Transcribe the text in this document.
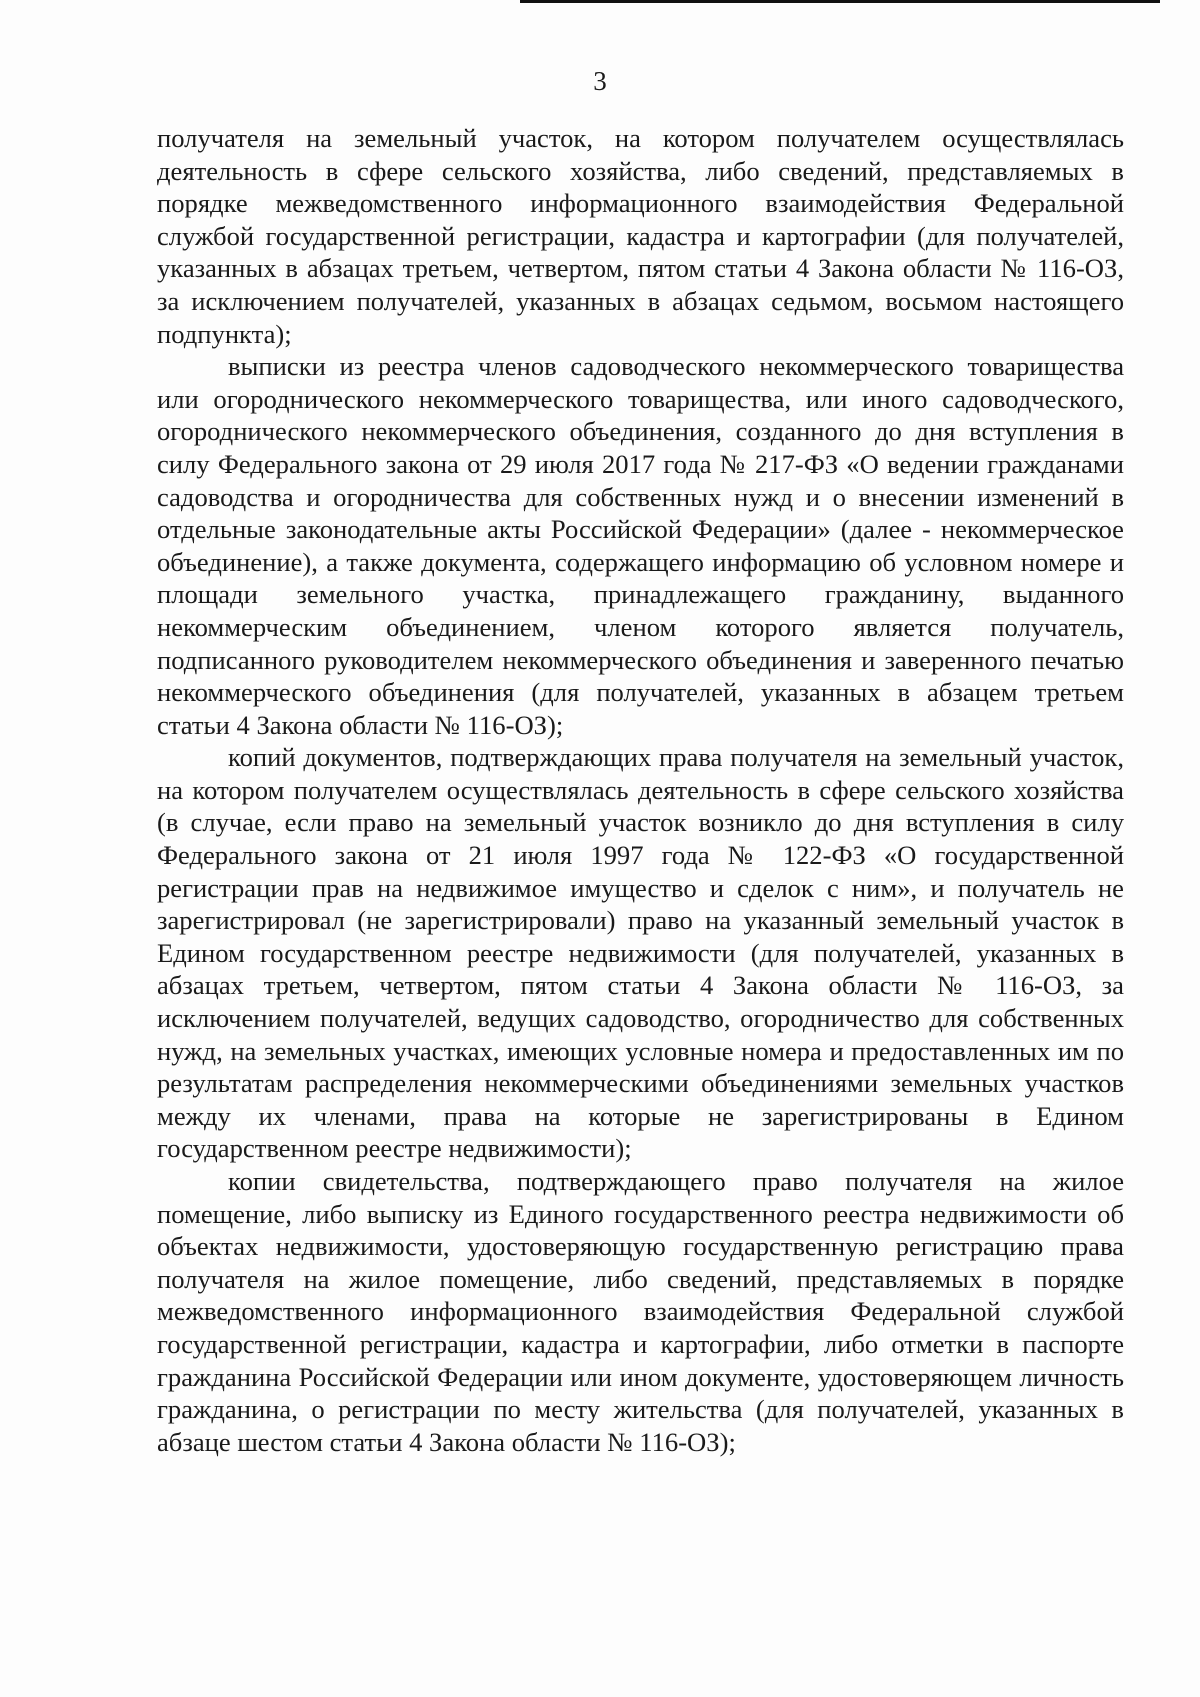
3

получателя на земельный участок, на котором получателем осуществлялась деятельность в сфере сельского хозяйства, либо сведений, представляемых в порядке межведомственного информационного взаимодействия Федеральной службой государственной регистрации, кадастра и картографии (для получателей, указанных в абзацах третьем, четвертом, пятом статьи 4 Закона области № 116-ОЗ, за исключением получателей, указанных в абзацах седьмом, восьмом настоящего подпункта);

выписки из реестра членов садоводческого некоммерческого товарищества или огороднического некоммерческого товарищества, или иного садоводческого, огороднического некоммерческого объединения, созданного до дня вступления в силу Федерального закона от 29 июля 2017 года № 217-ФЗ «О ведении гражданами садоводства и огородничества для собственных нужд и о внесении изменений в отдельные законодательные акты Российской Федерации» (далее - некоммерческое объединение), а также документа, содержащего информацию об условном номере и площади земельного участка, принадлежащего гражданину, выданного некоммерческим объединением, членом которого является получатель, подписанного руководителем некоммерческого объединения и заверенного печатью некоммерческого объединения (для получателей, указанных в абзацем третьем статьи 4 Закона области № 116-ОЗ);

копий документов, подтверждающих права получателя на земельный участок, на котором получателем осуществлялась деятельность в сфере сельского хозяйства (в случае, если право на земельный участок возникло до дня вступления в силу Федерального закона от 21 июля 1997 года № 122-ФЗ «О государственной регистрации прав на недвижимое имущество и сделок с ним», и получатель не зарегистрировал (не зарегистрировали) право на указанный земельный участок в Едином государственном реестре недвижимости (для получателей, указанных в абзацах третьем, четвертом, пятом статьи 4 Закона области № 116-ОЗ, за исключением получателей, ведущих садоводство, огородничество для собственных нужд, на земельных участках, имеющих условные номера и предоставленных им по результатам распределения некоммерческими объединениями земельных участков между их членами, права на которые не зарегистрированы в Едином государственном реестре недвижимости);

копии свидетельства, подтверждающего право получателя на жилое помещение, либо выписку из Единого государственного реестра недвижимости об объектах недвижимости, удостоверяющую государственную регистрацию права получателя на жилое помещение, либо сведений, представляемых в порядке межведомственного информационного взаимодействия Федеральной службой государственной регистрации, кадастра и картографии, либо отметки в паспорте гражданина Российской Федерации или ином документе, удостоверяющем личность гражданина, о регистрации по месту жительства (для получателей, указанных в абзаце шестом статьи 4 Закона области № 116-ОЗ);
